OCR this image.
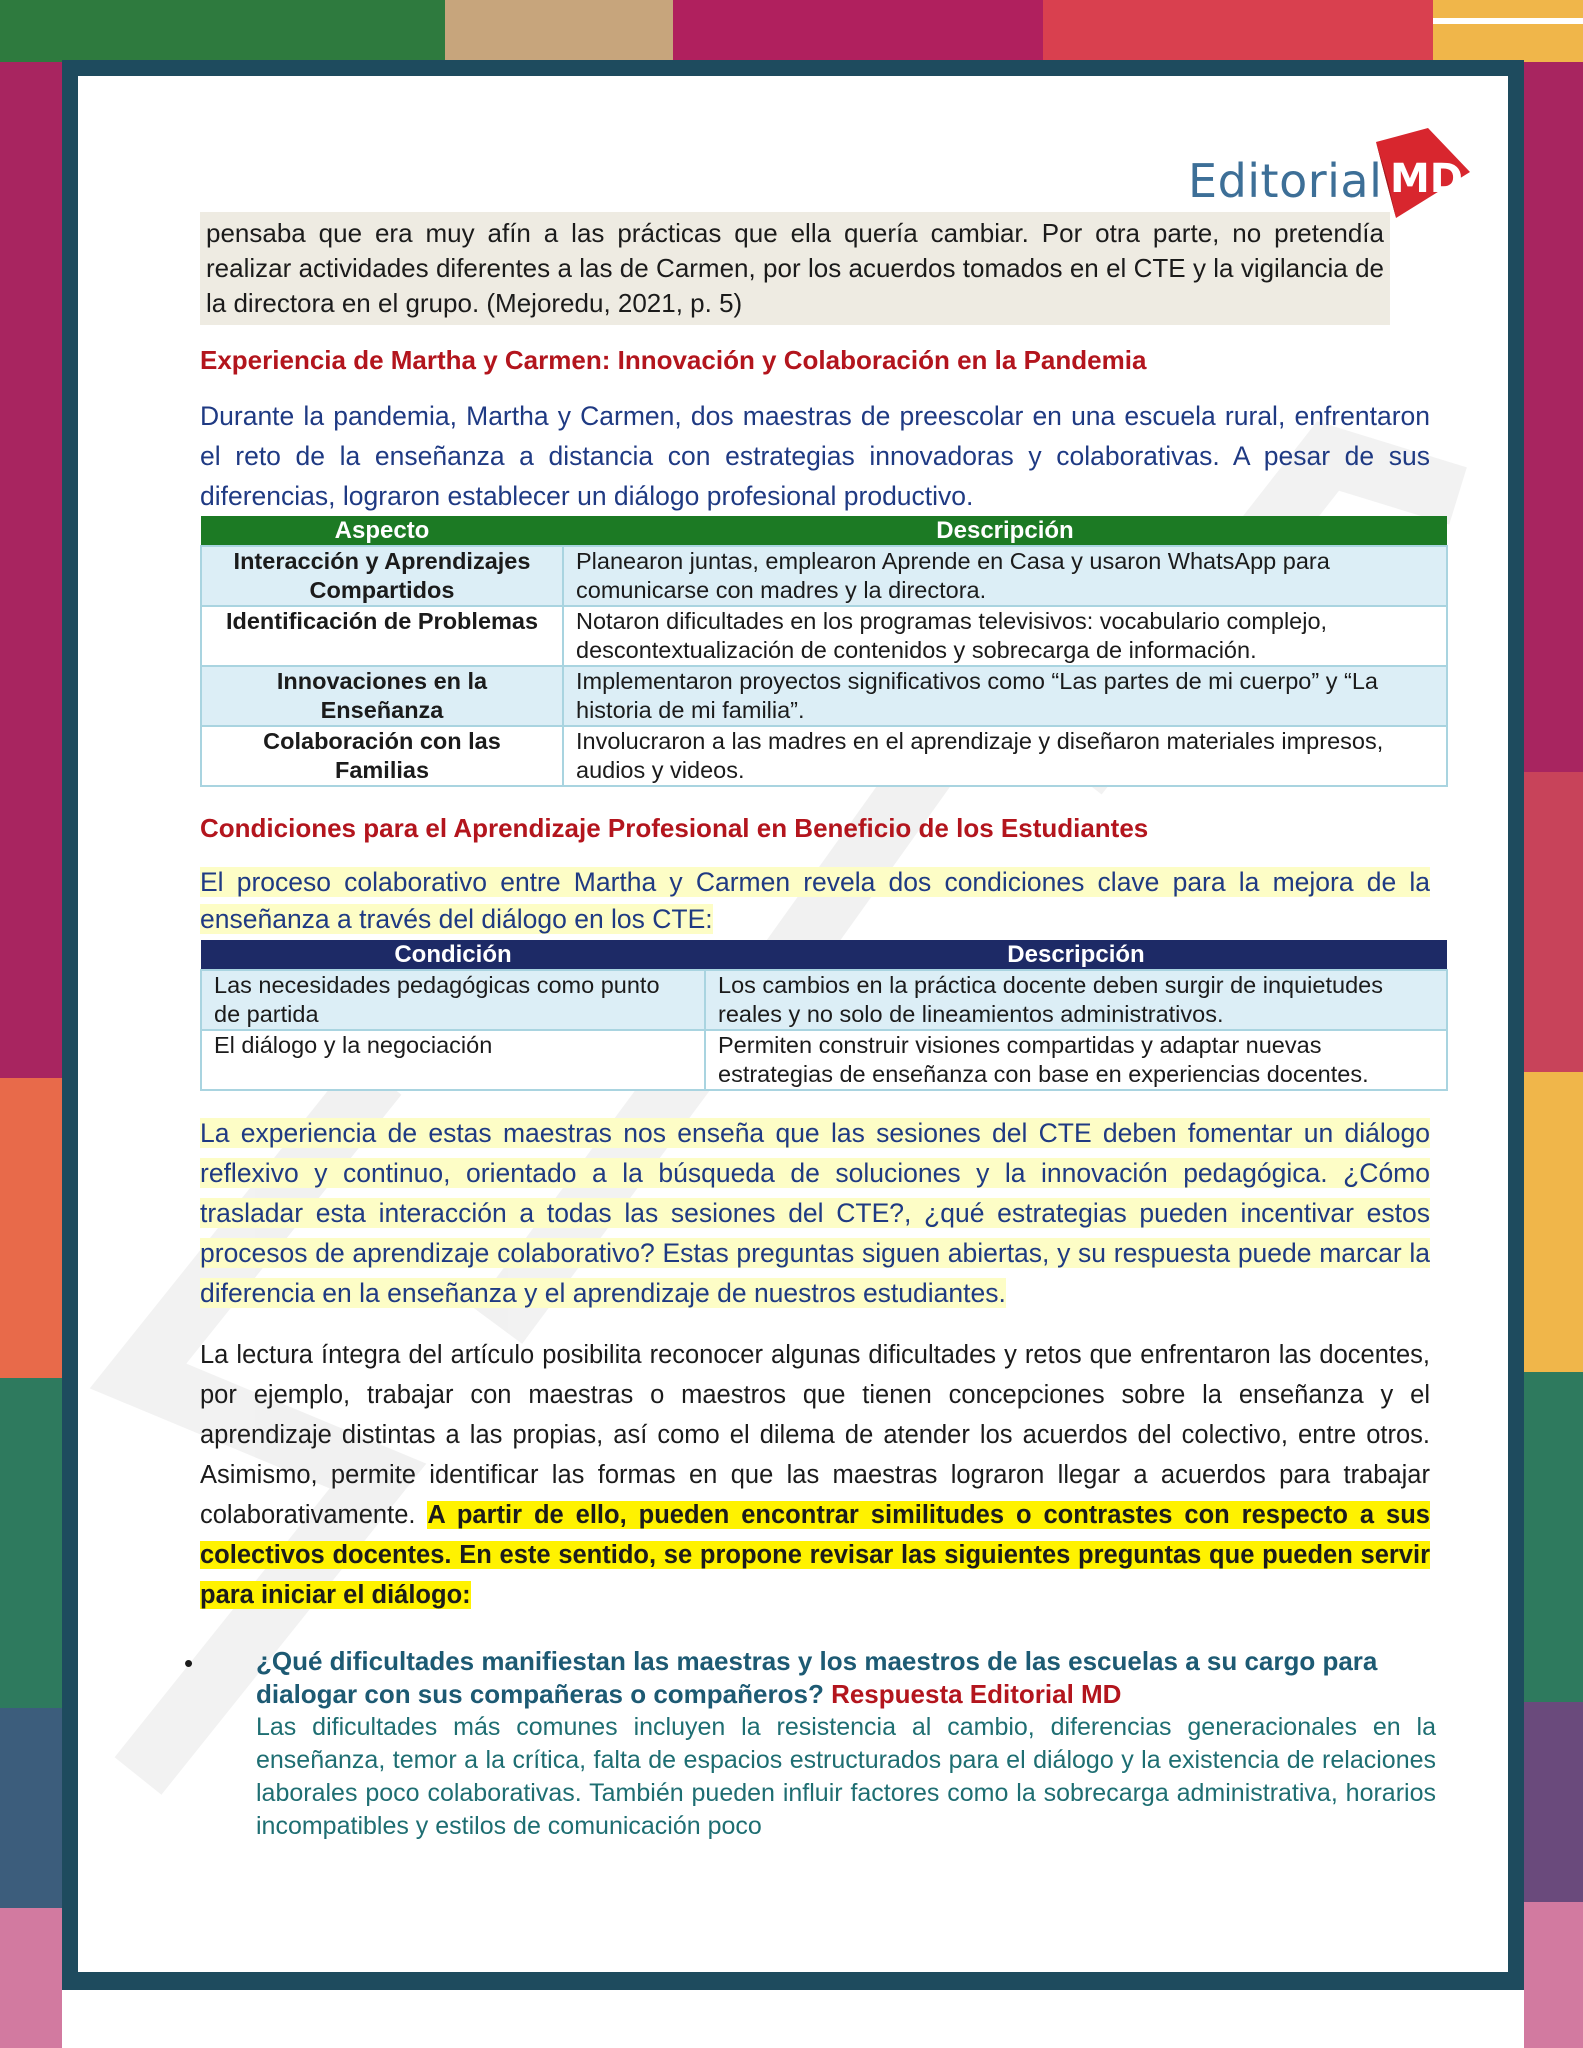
Editorial MD
pensaba que era muy afín a las prácticas que ella quería cambiar. Por otra parte, no pretendía realizar actividades diferentes a las de Carmen, por los acuerdos tomados en el CTE y la vigilancia de la directora en el grupo. (Mejoredu, 2021, p. 5)
Experiencia de Martha y Carmen: Innovación y Colaboración en la Pandemia
Durante la pandemia, Martha y Carmen, dos maestras de preescolar en una escuela rural, enfrentaron el reto de la enseñanza a distancia con estrategias innovadoras y colaborativas. A pesar de sus diferencias, lograron establecer un diálogo profesional productivo.
Aspecto	Descripción
Interacción y Aprendizajes Compartidos	Planearon juntas, emplearon Aprende en Casa y usaron WhatsApp para comunicarse con madres y la directora.
Identificación de Problemas	Notaron dificultades en los programas televisivos: vocabulario complejo, descontextualización de contenidos y sobrecarga de información.
Innovaciones en la Enseñanza	Implementaron proyectos significativos como “Las partes de mi cuerpo” y “La historia de mi familia”.
Colaboración con las Familias	Involucraron a las madres en el aprendizaje y diseñaron materiales impresos, audios y videos.
Condiciones para el Aprendizaje Profesional en Beneficio de los Estudiantes
El proceso colaborativo entre Martha y Carmen revela dos condiciones clave para la mejora de la enseñanza a través del diálogo en los CTE:
Condición	Descripción
Las necesidades pedagógicas como punto de partida	Los cambios en la práctica docente deben surgir de inquietudes reales y no solo de lineamientos administrativos.
El diálogo y la negociación	Permiten construir visiones compartidas y adaptar nuevas estrategias de enseñanza con base en experiencias docentes.
La experiencia de estas maestras nos enseña que las sesiones del CTE deben fomentar un diálogo reflexivo y continuo, orientado a la búsqueda de soluciones y la innovación pedagógica. ¿Cómo trasladar esta interacción a todas las sesiones del CTE?, ¿qué estrategias pueden incentivar estos procesos de aprendizaje colaborativo? Estas preguntas siguen abiertas, y su respuesta puede marcar la diferencia en la enseñanza y el aprendizaje de nuestros estudiantes.
La lectura íntegra del artículo posibilita reconocer algunas dificultades y retos que enfrentaron las docentes, por ejemplo, trabajar con maestras o maestros que tienen concepciones sobre la enseñanza y el aprendizaje distintas a las propias, así como el dilema de atender los acuerdos del colectivo, entre otros. Asimismo, permite identificar las formas en que las maestras lograron llegar a acuerdos para trabajar colaborativamente. A partir de ello, pueden encontrar similitudes o contrastes con respecto a sus colectivos docentes. En este sentido, se propone revisar las siguientes preguntas que pueden servir para iniciar el diálogo:
• ¿Qué dificultades manifiestan las maestras y los maestros de las escuelas a su cargo para dialogar con sus compañeras o compañeros? Respuesta Editorial MD
Las dificultades más comunes incluyen la resistencia al cambio, diferencias generacionales en la enseñanza, temor a la crítica, falta de espacios estructurados para el diálogo y la existencia de relaciones laborales poco colaborativas. También pueden influir factores como la sobrecarga administrativa, horarios incompatibles y estilos de comunicación poco
